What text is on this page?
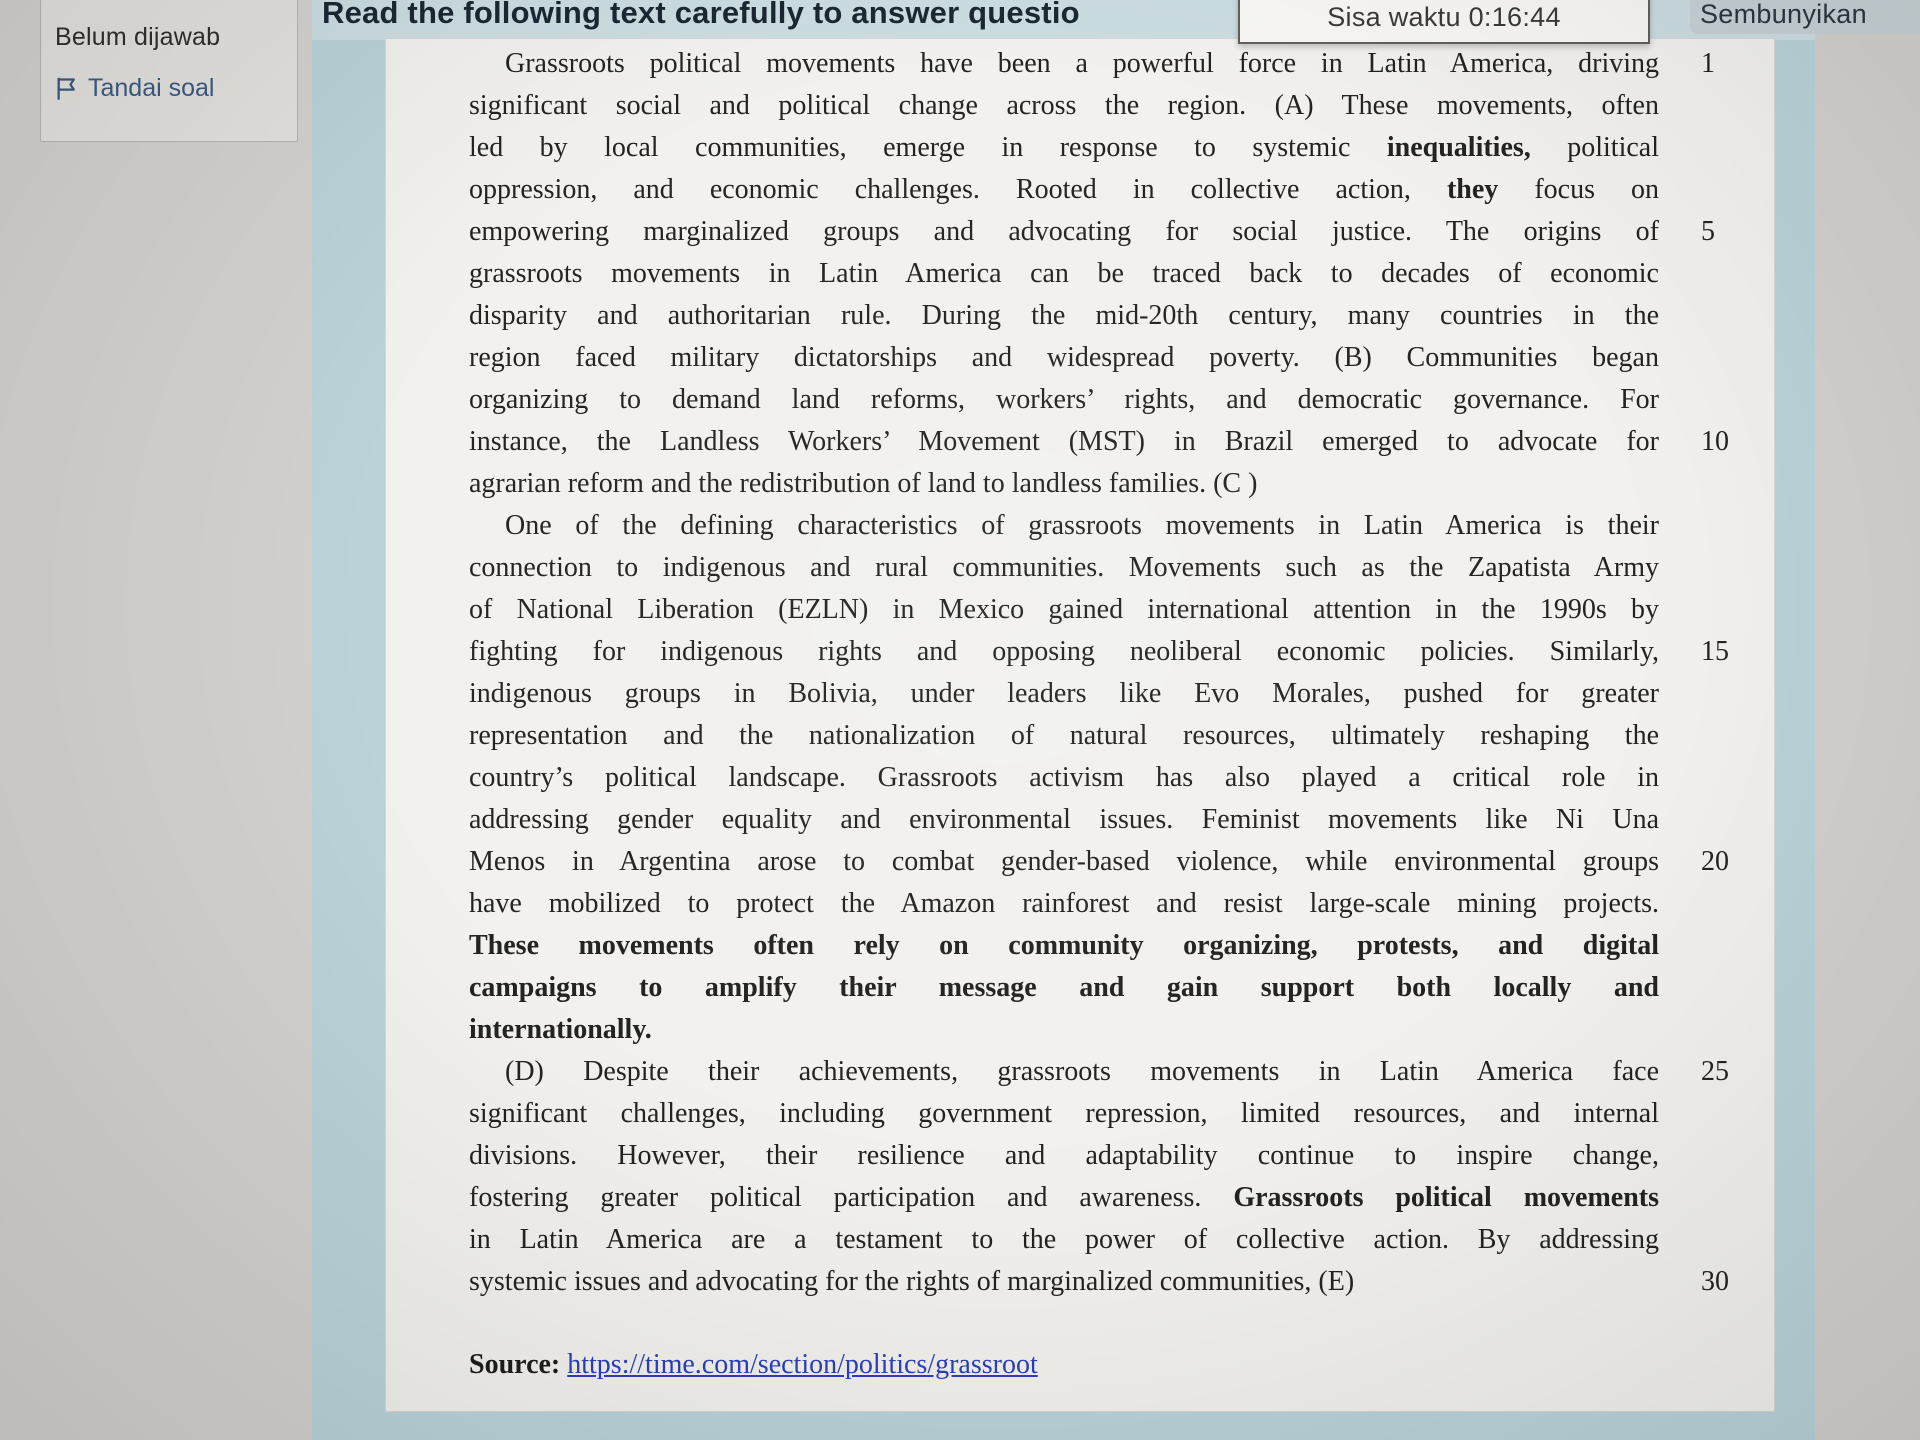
Belum dijawab
Tandai soal
Read the following text carefully to answer questio
Grassroots political movements have been a powerful force in Latin America, driving 1
significant social and political change across the region. (A) These movements, often
led by local communities, emerge in response to systemic inequalities, political
oppression, and economic challenges. Rooted in collective action, they focus on
empowering marginalized groups and advocating for social justice. The origins of 5
grassroots movements in Latin America can be traced back to decades of economic
disparity and authoritarian rule. During the mid-20th century, many countries in the
region faced military dictatorships and widespread poverty. (B) Communities began
organizing to demand land reforms, workers’ rights, and democratic governance. For
instance, the Landless Workers’ Movement (MST) in Brazil emerged to advocate for 10
agrarian reform and the redistribution of land to landless families. (C )
One of the defining characteristics of grassroots movements in Latin America is their
connection to indigenous and rural communities. Movements such as the Zapatista Army
of National Liberation (EZLN) in Mexico gained international attention in the 1990s by
fighting for indigenous rights and opposing neoliberal economic policies. Similarly, 15
indigenous groups in Bolivia, under leaders like Evo Morales, pushed for greater
representation and the nationalization of natural resources, ultimately reshaping the
country’s political landscape. Grassroots activism has also played a critical role in
addressing gender equality and environmental issues. Feminist movements like Ni Una
Menos in Argentina arose to combat gender-based violence, while environmental groups 20
have mobilized to protect the Amazon rainforest and resist large-scale mining projects.
These movements often rely on community organizing, protests, and digital
campaigns to amplify their message and gain support both locally and
internationally.
(D) Despite their achievements, grassroots movements in Latin America face 25
significant challenges, including government repression, limited resources, and internal
divisions. However, their resilience and adaptability continue to inspire change,
fostering greater political participation and awareness. Grassroots political movements
in Latin America are a testament to the power of collective action. By addressing
systemic issues and advocating for the rights of marginalized communities, (E)	30
Source: https://time.com/section/politics/grassroot
Sisa waktu 0:16:44	Sembunyikan
